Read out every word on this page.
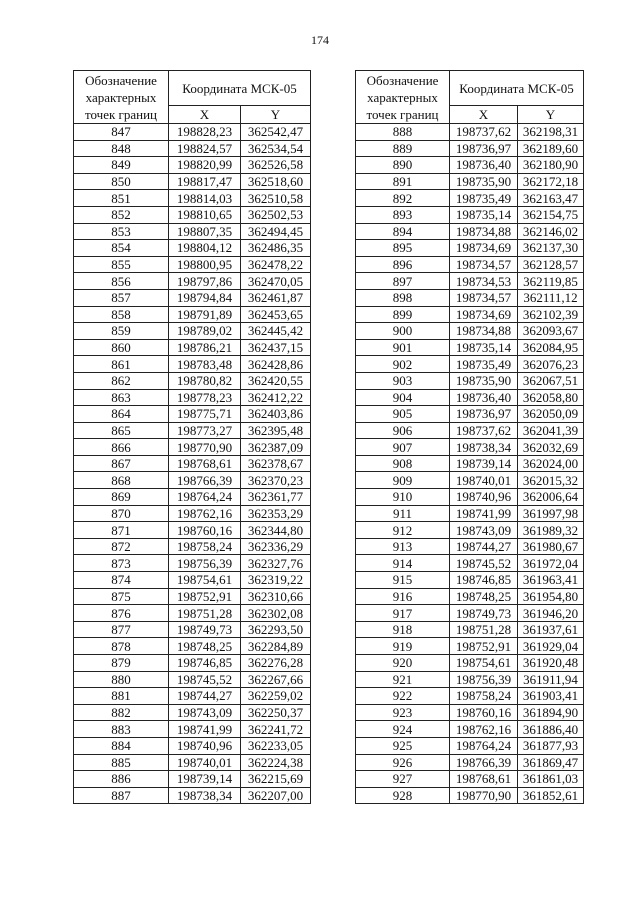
174
Обозначение характерных точек границ	Координата МСК-05	
	X	Y
847	198828,23	362542,47
848	198824,57	362534,54
849	198820,99	362526,58
850	198817,47	362518,60
851	198814,03	362510,58
852	198810,65	362502,53
853	198807,35	362494,45
854	198804,12	362486,35
855	198800,95	362478,22
856	198797,86	362470,05
857	198794,84	362461,87
858	198791,89	362453,65
859	198789,02	362445,42
860	198786,21	362437,15
861	198783,48	362428,86
862	198780,82	362420,55
863	198778,23	362412,22
864	198775,71	362403,86
865	198773,27	362395,48
866	198770,90	362387,09
867	198768,61	362378,67
868	198766,39	362370,23
869	198764,24	362361,77
870	198762,16	362353,29
871	198760,16	362344,80
872	198758,24	362336,29
873	198756,39	362327,76
874	198754,61	362319,22
875	198752,91	362310,66
876	198751,28	362302,08
877	198749,73	362293,50
878	198748,25	362284,89
879	198746,85	362276,28
880	198745,52	362267,66
881	198744,27	362259,02
882	198743,09	362250,37
883	198741,99	362241,72
884	198740,96	362233,05
885	198740,01	362224,38
886	198739,14	362215,69
887	198738,34	362207,00
Обозначение характерных точек границ	Координата МСК-05	
	X	Y
888	198737,62	362198,31
889	198736,97	362189,60
890	198736,40	362180,90
891	198735,90	362172,18
892	198735,49	362163,47
893	198735,14	362154,75
894	198734,88	362146,02
895	198734,69	362137,30
896	198734,57	362128,57
897	198734,53	362119,85
898	198734,57	362111,12
899	198734,69	362102,39
900	198734,88	362093,67
901	198735,14	362084,95
902	198735,49	362076,23
903	198735,90	362067,51
904	198736,40	362058,80
905	198736,97	362050,09
906	198737,62	362041,39
907	198738,34	362032,69
908	198739,14	362024,00
909	198740,01	362015,32
910	198740,96	362006,64
911	198741,99	361997,98
912	198743,09	361989,32
913	198744,27	361980,67
914	198745,52	361972,04
915	198746,85	361963,41
916	198748,25	361954,80
917	198749,73	361946,20
918	198751,28	361937,61
919	198752,91	361929,04
920	198754,61	361920,48
921	198756,39	361911,94
922	198758,24	361903,41
923	198760,16	361894,90
924	198762,16	361886,40
925	198764,24	361877,93
926	198766,39	361869,47
927	198768,61	361861,03
928	198770,90	361852,61
